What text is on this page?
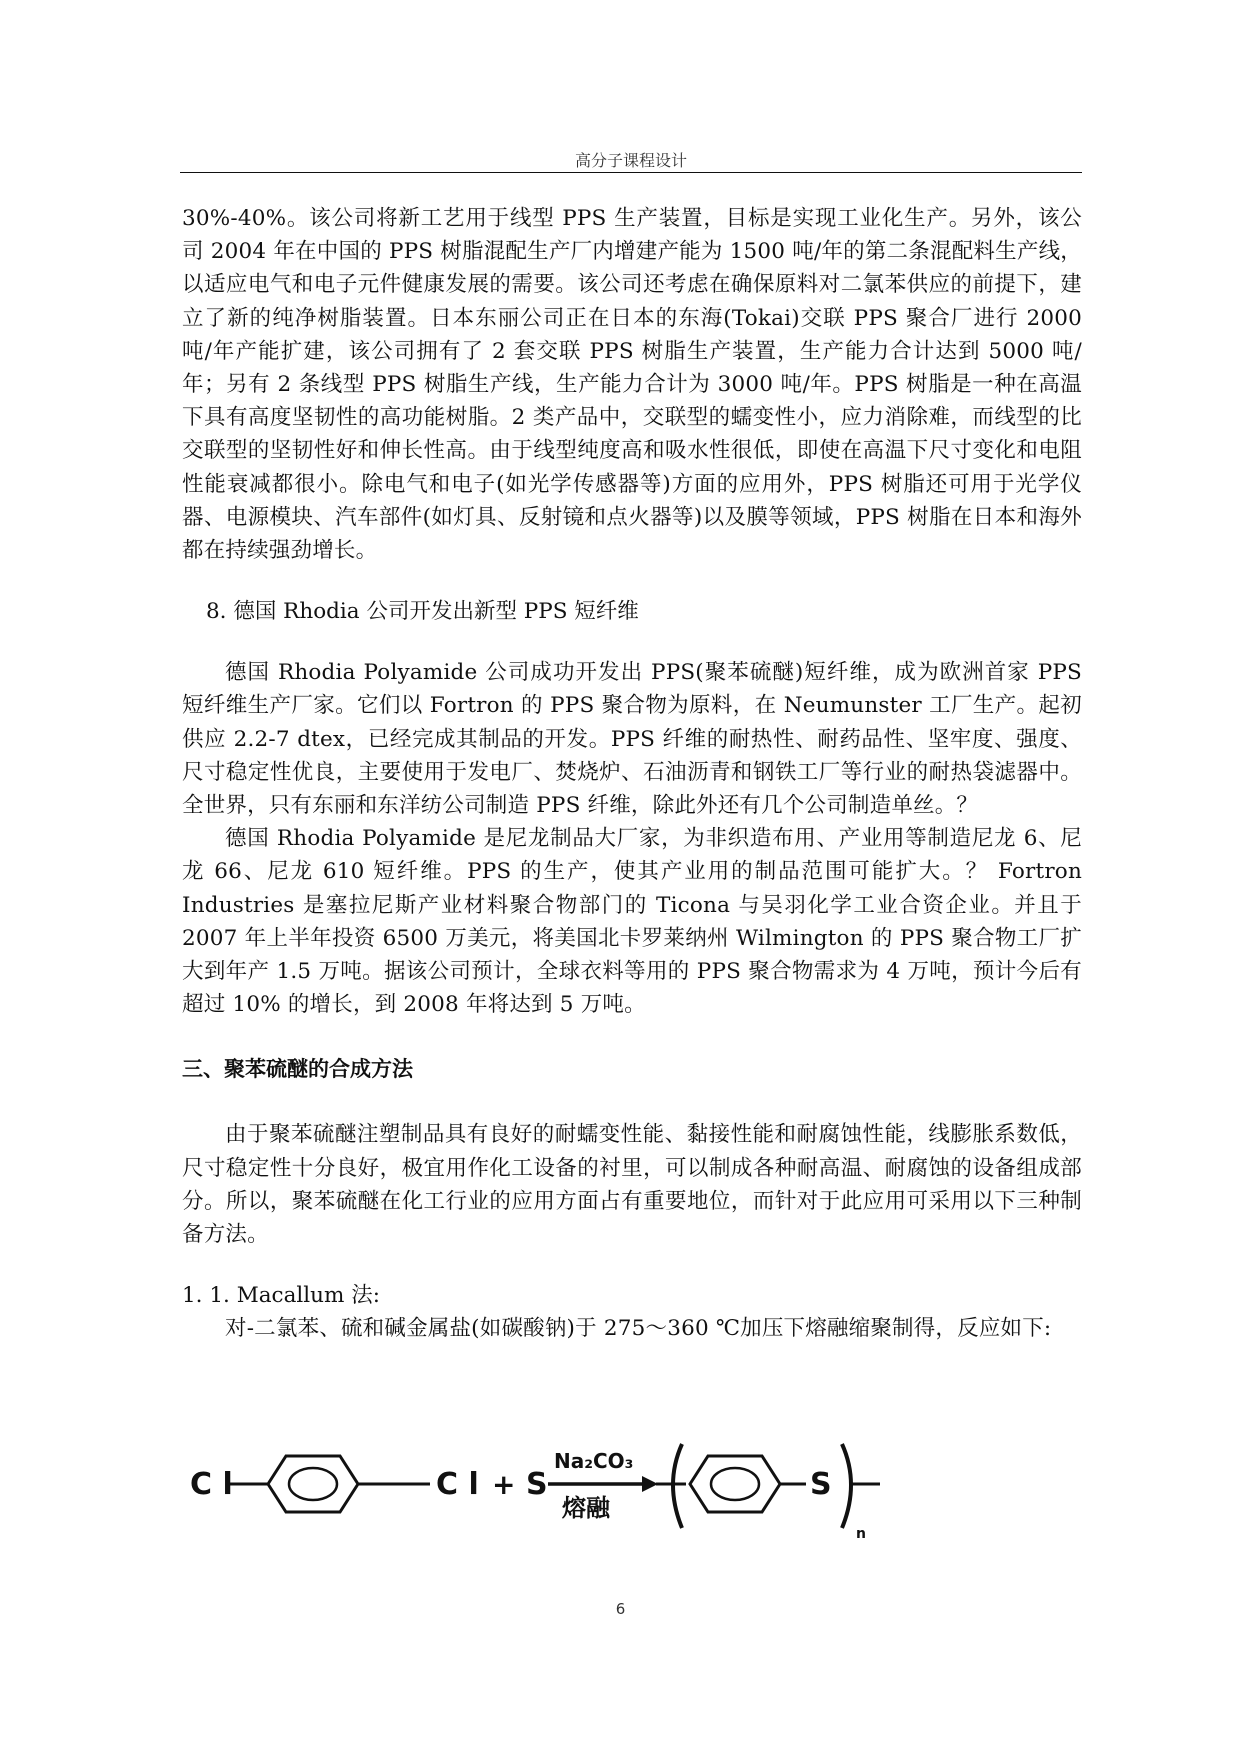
高分子课程设计

30%-40%。该公司将新工艺用于线型 PPS 生产装置，目标是实现工业化生产。另外，该公司 2004 年在中国的 PPS 树脂混配生产厂内增建产能为 1500 吨/年的第二条混配料生产线，以适应电气和电子元件健康发展的需要。该公司还考虑在确保原料对二氯苯供应的前提下，建立了新的纯净树脂装置。日本东丽公司正在日本的东海(Tokai)交联 PPS 聚合厂进行 2000 吨/年产能扩建，该公司拥有了 2 套交联 PPS 树脂生产装置，生产能力合计达到 5000 吨/年；另有 2 条线型 PPS 树脂生产线，生产能力合计为 3000 吨/年。PPS 树脂是一种在高温下具有高度坚韧性的高功能树脂。2 类产品中，交联型的蠕变性小，应力消除难，而线型的比交联型的坚韧性好和伸长性高。由于线型纯度高和吸水性很低，即使在高温下尺寸变化和电阻性能衰减都很小。除电气和电子(如光学传感器等)方面的应用外，PPS 树脂还可用于光学仪器、电源模块、汽车部件(如灯具、反射镜和点火器等)以及膜等领域，PPS 树脂在日本和海外都在持续强劲增长。

8. 德国 Rhodia 公司开发出新型 PPS 短纤维

德国 Rhodia Polyamide 公司成功开发出 PPS(聚苯硫醚)短纤维，成为欧洲首家 PPS 短纤维生产厂家。它们以 Fortron 的 PPS 聚合物为原料，在 Neumunster 工厂生产。起初供应 2.2-7 dtex，已经完成其制品的开发。PPS 纤维的耐热性、耐药品性、坚牢度、强度、尺寸稳定性优良，主要使用于发电厂、焚烧炉、石油沥青和钢铁工厂等行业的耐热袋滤器中。全世界，只有东丽和东洋纺公司制造 PPS 纤维，除此外还有几个公司制造单丝。？

德国 Rhodia Polyamide 是尼龙制品大厂家，为非织造布用、产业用等制造尼龙 6、尼龙 66、尼龙 610 短纤维。PPS 的生产，使其产业用的制品范围可能扩大。？ Fortron Industries 是塞拉尼斯产业材料聚合物部门的 Ticona 与吴羽化学工业合资企业。并且于 2007 年上半年投资 6500 万美元，将美国北卡罗莱纳州 Wilmington 的 PPS 聚合物工厂扩大到年产 1.5 万吨。据该公司预计，全球衣料等用的 PPS 聚合物需求为 4 万吨，预计今后有超过 10% 的增长，到 2008 年将达到 5 万吨。

三、聚苯硫醚的合成方法

由于聚苯硫醚注塑制品具有良好的耐蠕变性能、黏接性能和耐腐蚀性能，线膨胀系数低，尺寸稳定性十分良好，极宜用作化工设备的衬里，可以制成各种耐高温、耐腐蚀的设备组成部分。所以，聚苯硫醚在化工行业的应用方面占有重要地位，而针对于此应用可采用以下三种制备方法。

1. 1. Macallum 法:

对-二氯苯、硫和碱金属盐(如碳酸钠)于 275～360 ℃加压下熔融缩聚制得，反应如下:

C l	C l + S
Na₂CO₃
熔融
S
n
6
